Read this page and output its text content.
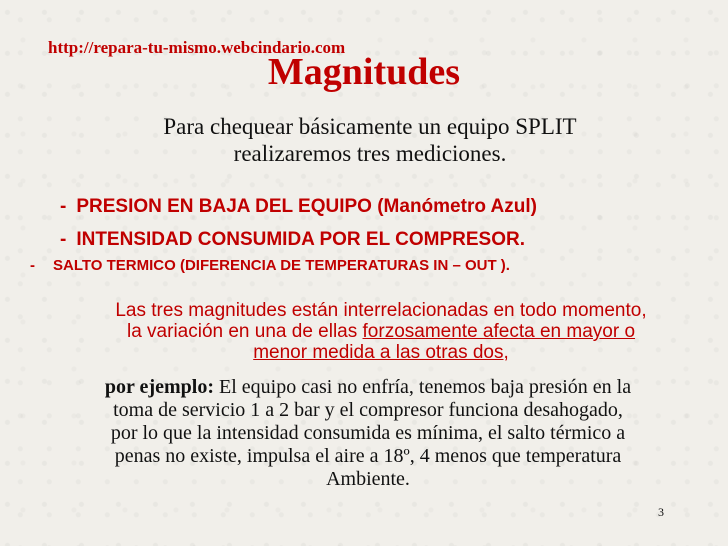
http://repara-tu-mismo.webcindario.com
Magnitudes
Para chequear básicamente un equipo SPLIT
realizaremos tres mediciones.
- PRESION EN BAJA DEL EQUIPO (Manómetro Azul)
- INTENSIDAD CONSUMIDA POR EL COMPRESOR.
- SALTO TERMICO (DIFERENCIA DE TEMPERATURAS IN – OUT ).
Las tres magnitudes están interrelacionadas en todo momento,
la variación en una de ellas forzosamente afecta en mayor o
menor medida a las otras dos,
por ejemplo: El equipo casi no enfría, tenemos baja presión en la
toma de servicio 1 a 2 bar y el compresor funciona desahogado,
por lo que la intensidad consumida es mínima, el salto térmico a
penas no existe, impulsa el aire a 18º, 4 menos que temperatura
Ambiente.
3
